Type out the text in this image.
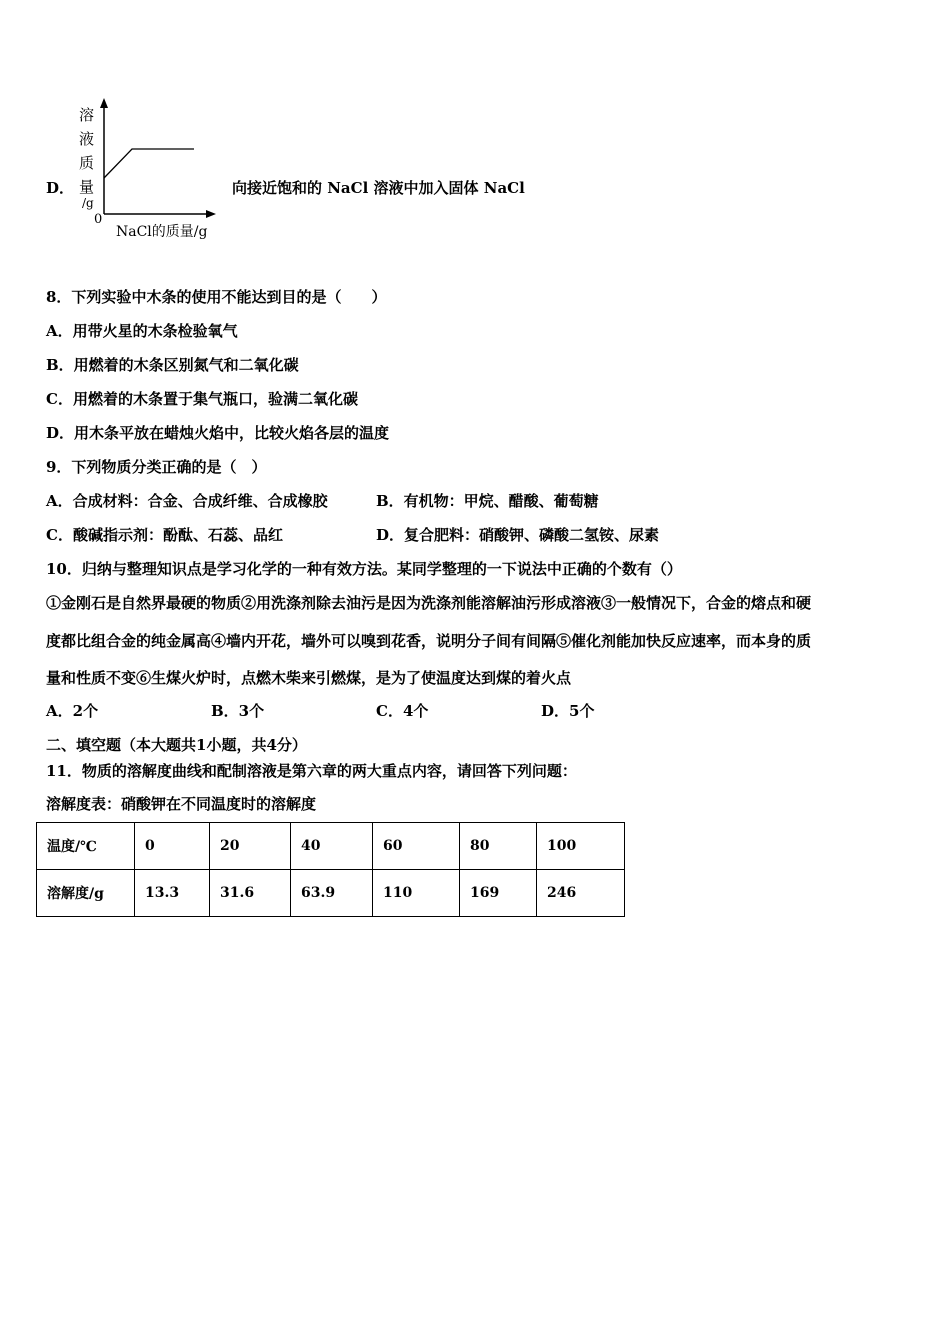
溶
液
质
量
/g
0
NaCl的质量/g
D．	向接近饱和的 NaCl 溶液中加入固体 NaCl
8．下列实验中木条的使用不能达到目的是（　　）
A．用带火星的木条检验氧气
B．用燃着的木条区别氮气和二氧化碳
C．用燃着的木条置于集气瓶口，验满二氧化碳
D．用木条平放在蜡烛火焰中，比较火焰各层的温度
9．下列物质分类正确的是（　）
A．合成材料：合金、合成纤维、合成橡胶	B．有机物：甲烷、醋酸、葡萄糖
C．酸碱指示剂：酚酞、石蕊、品红	D．复合肥料：硝酸钾、磷酸二氢铵、尿素
10．归纳与整理知识点是学习化学的一种有效方法。某同学整理的一下说法中正确的个数有（）
①金刚石是自然界最硬的物质②用洗涤剂除去油污是因为洗涤剂能溶解油污形成溶液③一般情况下，合金的熔点和硬
度都比组合金的纯金属高④墙内开花，墙外可以嗅到花香，说明分子间有间隔⑤催化剂能加快反应速率，而本身的质
量和性质不变⑥生煤火炉时，点燃木柴来引燃煤，是为了使温度达到煤的着火点
A．2个	B．3个	C．4个	D．5个
二、填空题（本大题共1小题，共4分）
11．物质的溶解度曲线和配制溶液是第六章的两大重点内容，请回答下列问题：
溶解度表：硝酸钾在不同温度时的溶解度
温度/℃	0	20	40	60	80	100
溶解度/g	13.3	31.6	63.9	110	169	246
